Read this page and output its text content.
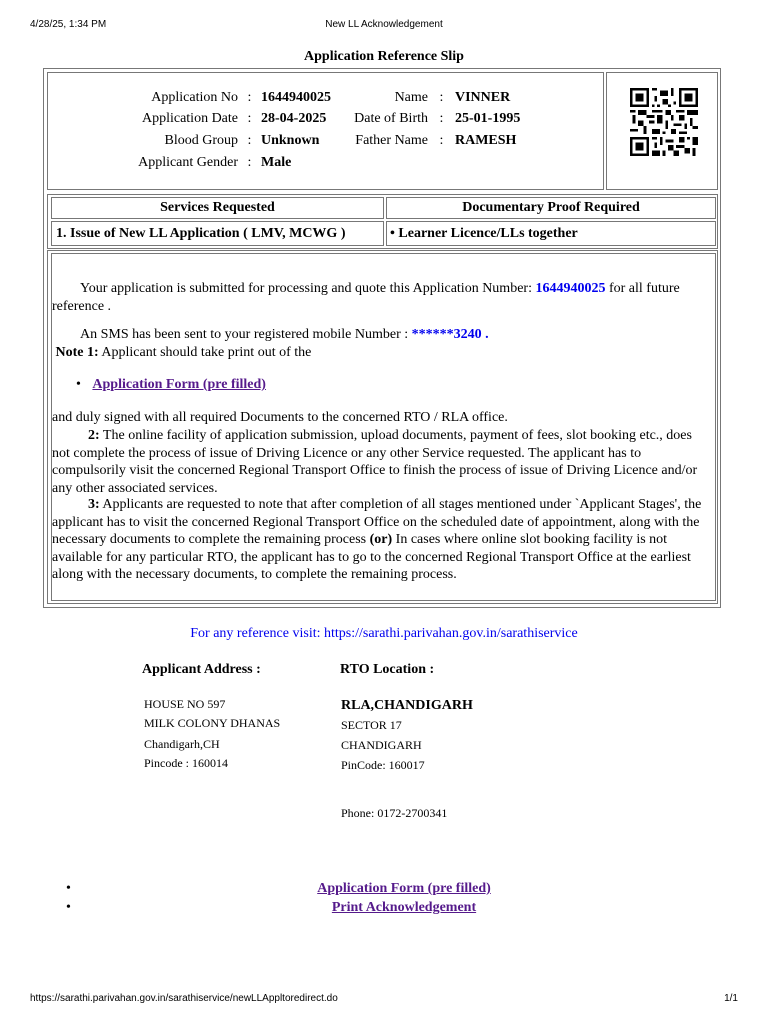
4/28/25, 1:34 PM	New LL Acknowledgement
https://sarathi.parivahan.gov.in/sarathiservice/newLLAppltoredirect.do	1/1
Application Reference Slip
Application No : 1644940025
Application Date : 28-04-2025
Blood Group : Unknown
Applicant Gender : Male
Name : VINNER
Date of Birth : 25-01-1995
Father Name : RAMESH
Services Requested	Documentary Proof Required
1. Issue of New LL Application ( LMV, MCWG )	• Learner Licence/LLs together
Your application is submitted for processing and quote this Application Number: 1644940025 for all future reference .
An SMS has been sent to your registered mobile Number : ******3240 .
Note 1: Applicant should take print out of the
• Application Form (pre filled)
and duly signed with all required Documents to the concerned RTO / RLA office.
2: The online facility of application submission, upload documents, payment of fees, slot booking etc., does not complete the process of issue of Driving Licence or any other Service requested. The applicant has to compulsorily visit the concerned Regional Transport Office to finish the process of issue of Driving Licence and/or any other associated services.
3: Applicants are requested to note that after completion of all stages mentioned under `Applicant Stages', the applicant has to visit the concerned Regional Transport Office on the scheduled date of appointment, along with the necessary documents to complete the remaining process (or) In cases where online slot booking facility is not available for any particular RTO, the applicant has to go to the concerned Regional Transport Office at the earliest along with the necessary documents, to complete the remaining process.
For any reference visit: https://sarathi.parivahan.gov.in/sarathiservice
Applicant Address :
HOUSE NO 597
MILK COLONY DHANAS
Chandigarh,CH
Pincode : 160014
RTO Location :
RLA,CHANDIGARH
SECTOR 17
CHANDIGARH
PinCode: 160017
Phone: 0172-2700341
•	Application Form (pre filled)
•	Print Acknowledgement
